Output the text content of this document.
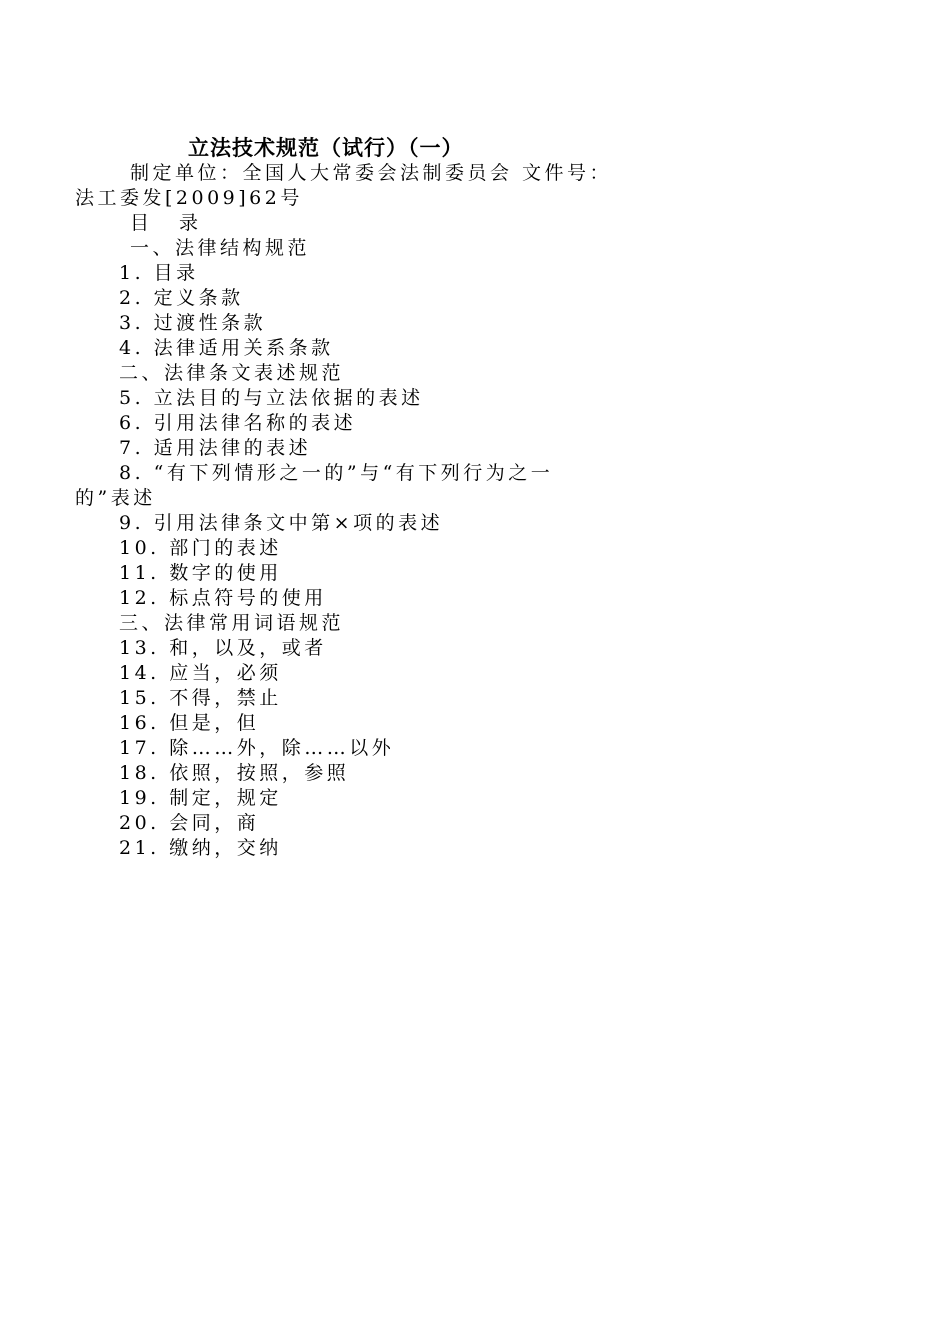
立法技术规范（试行）（一）
制定单位：全国人大常委会法制委员会 文件号：
法工委发[2009]62号
目 录
一、法律结构规范
1. 目录
2. 定义条款
3. 过渡性条款
4. 法律适用关系条款
二、法律条文表述规范
5. 立法目的与立法依据的表述
6. 引用法律名称的表述
7. 适用法律的表述
8. “有下列情形之一的”与“有下列行为之一
的”表述
9. 引用法律条文中第×项的表述
10. 部门的表述
11. 数字的使用
12. 标点符号的使用
三、法律常用词语规范
13. 和，以及，或者
14. 应当，必须
15. 不得，禁止
16. 但是，但
17. 除……外，除……以外
18. 依照，按照，参照
19. 制定，规定
20. 会同，商
21. 缴纳，交纳
